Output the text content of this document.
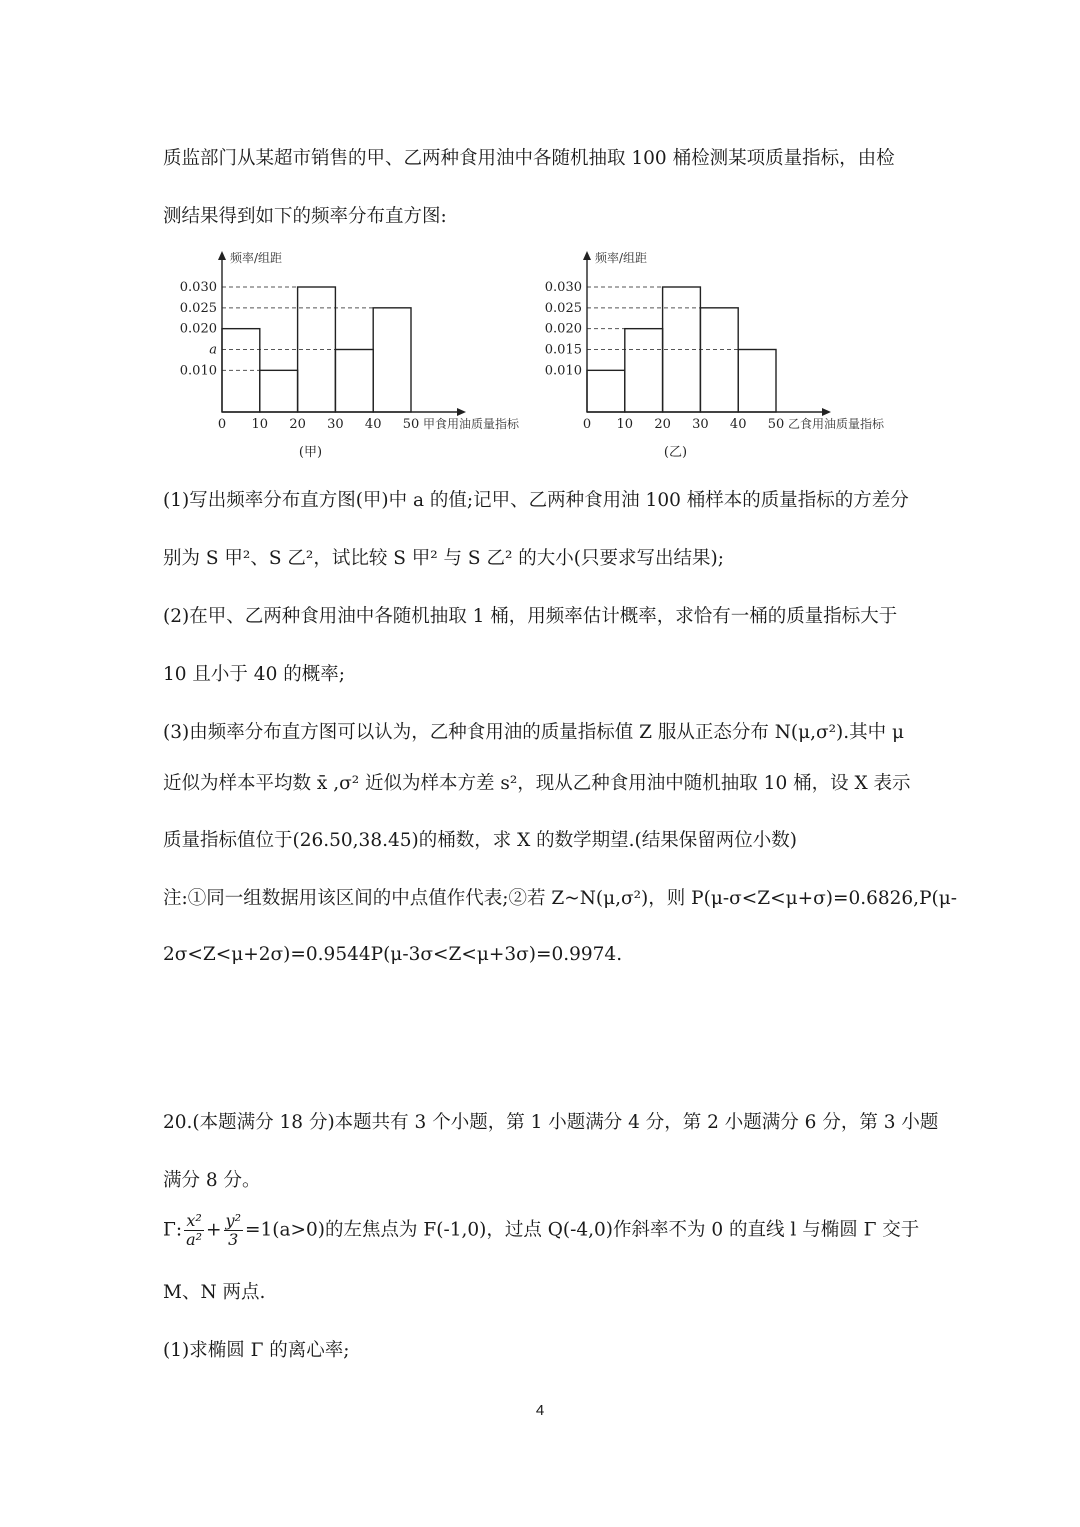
质监部门从某超市销售的甲、乙两种食用油中各随机抽取 100 桶检测某项质量指标，由检

测结果得到如下的频率分布直方图:

0.030
0.025
0.020
a
0.010
频率/组距
0 10 20 30 40 50 甲食用油质量指标
(甲)
0.030
0.025
0.020
0.015
0.010
频率/组距
0 10 20 30 40 50 乙食用油质量指标
(乙)

(1)写出频率分布直方图(甲)中 a 的值;记甲、乙两种食用油 100 桶样本的质量指标的方差分

别为 S 甲²、S 乙²，试比较 S 甲² 与 S 乙² 的大小(只要求写出结果);

(2)在甲、乙两种食用油中各随机抽取 1 桶，用频率估计概率，求恰有一桶的质量指标大于

10 且小于 40 的概率;

(3)由频率分布直方图可以认为，乙种食用油的质量指标值 Z 服从正态分布 N(μ,σ²).其中 μ

近似为样本平均数 x̄ ,σ² 近似为样本方差 s²，现从乙种食用油中随机抽取 10 桶，设 X 表示

质量指标值位于(26.50,38.45)的桶数，求 X 的数学期望.(结果保留两位小数)

注:①同一组数据用该区间的中点值作代表;②若 Z~N(μ,σ²)，则 P(μ-σ<Z<μ+σ)=0.6826,P(μ-

2σ<Z<μ+2σ)=0.9544P(μ-3σ<Z<μ+3σ)=0.9974.

20.(本题满分 18 分)本题共有 3 个小题，第 1 小题满分 4 分，第 2 小题满分 6 分，第 3 小题

满分 8 分。

Γ: $\frac{\text{x²}}{\text{a²}} + \frac{\text{y²}}{3} =1(a>0)$的左焦点为 F(-1,0)，过点 Q(-4,0)作斜率不为 0 的直线 l 与椭圆 Γ 交于

M、N 两点.

(1)求椭圆 Γ 的离心率;

4
